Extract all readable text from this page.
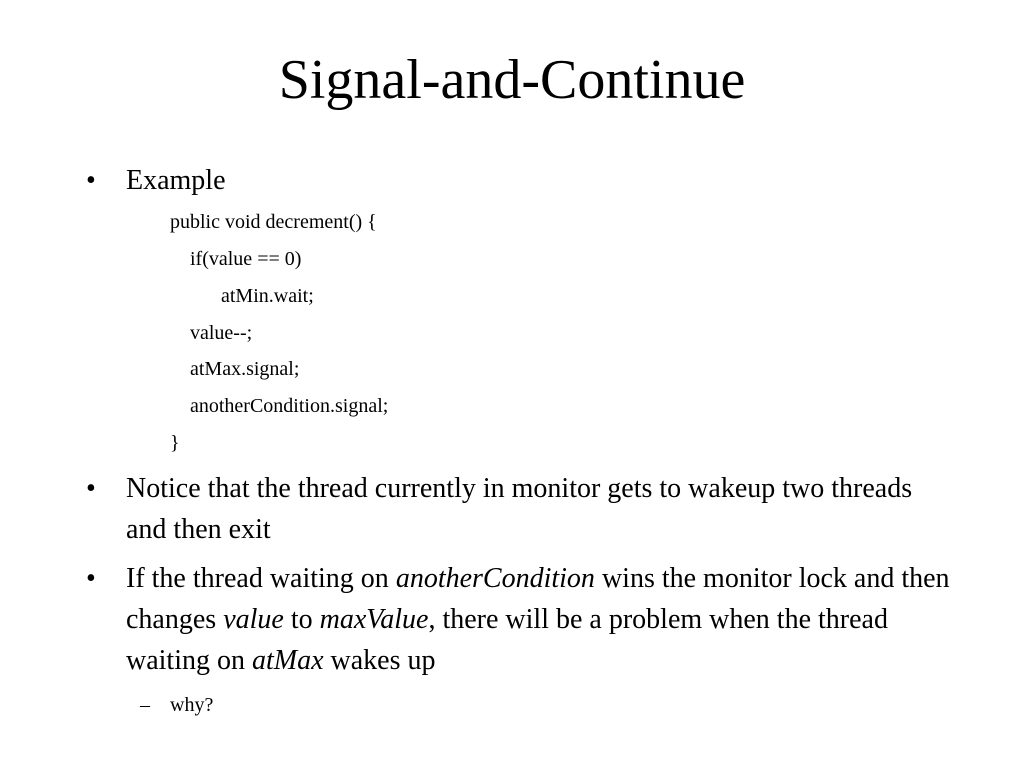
Signal-and-Continue
• Example
public void decrement() {
if(value == 0)
atMin.wait;
value--;
atMax.signal;
anotherCondition.signal;
}
• Notice that the thread currently in monitor gets to wakeup two threads and then exit
• If the thread waiting on anotherCondition wins the monitor lock and then changes value to maxValue, there will be a problem when the thread waiting on atMax wakes up
– why?
